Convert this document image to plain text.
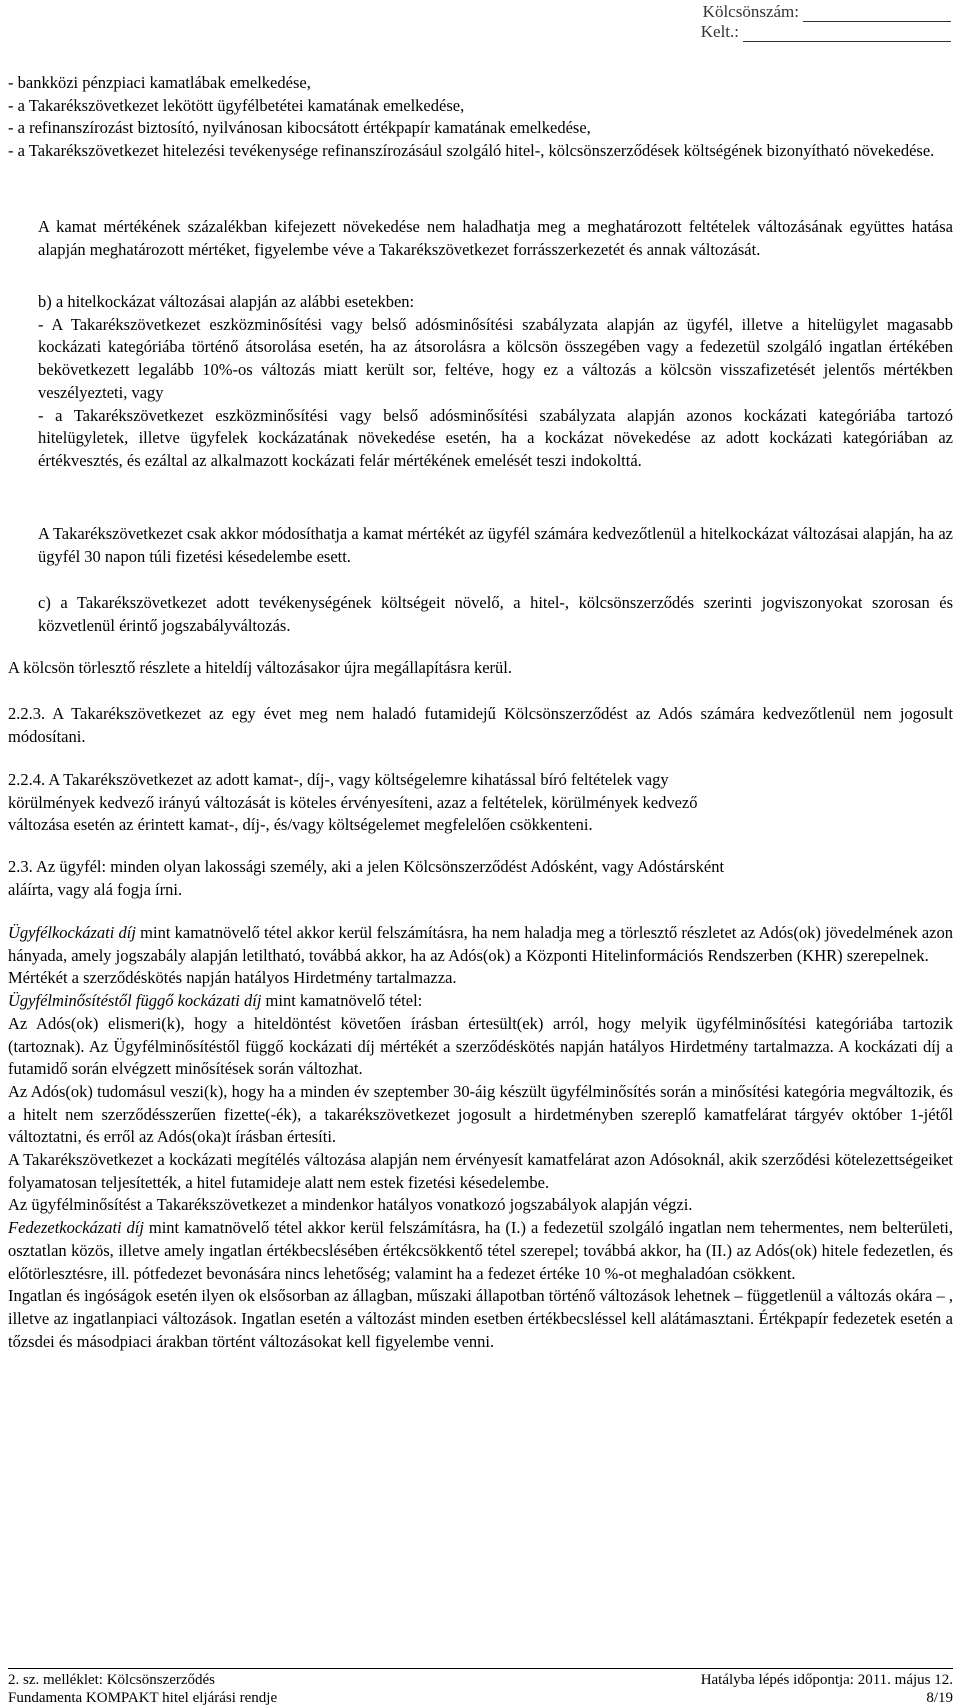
Kölcsönszám:
Kelt.:
- bankközi pénzpiaci kamatlábak emelkedése,
- a Takarékszövetkezet lekötött ügyfélbetétei kamatának emelkedése,
- a refinanszírozást biztosító, nyilvánosan kibocsátott értékpapír kamatának emelkedése,
- a Takarékszövetkezet hitelezési tevékenysége refinanszírozásául szolgáló hitel-, kölcsönszerződések költségének bizonyítható növekedése.

A kamat mértékének százalékban kifejezett növekedése nem haladhatja meg a meghatározott feltételek változásának együttes hatása alapján meghatározott mértéket, figyelembe véve a Takarékszövetkezet forrásszerkezetét és annak változását.

b) a hitelkockázat változásai alapján az alábbi esetekben:
- A Takarékszövetkezet eszközminősítési vagy belső adósminősítési szabályzata alapján az ügyfél, illetve a hitelügylet magasabb kockázati kategóriába történő átsorolása esetén, ha az átsorolásra a kölcsön összegében vagy a fedezetül szolgáló ingatlan értékében bekövetkezett legalább 10%-os változás miatt került sor, feltéve, hogy ez a változás a kölcsön visszafizetését jelentős mértékben veszélyezteti, vagy
- a Takarékszövetkezet eszközminősítési vagy belső adósminősítési szabályzata alapján azonos kockázati kategóriába tartozó hitelügyletek, illetve ügyfelek kockázatának növekedése esetén, ha a kockázat növekedése az adott kockázati kategóriában az értékvesztés, és ezáltal az alkalmazott kockázati felár mértékének emelését teszi indokolttá.

A Takarékszövetkezet csak akkor módosíthatja a kamat mértékét az ügyfél számára kedvezőtlenül a hitelkockázat változásai alapján, ha az ügyfél 30 napon túli fizetési késedelembe esett.

c) a Takarékszövetkezet adott tevékenységének költségeit növelő, a hitel-, kölcsönszerződés szerinti jogviszonyokat szorosan és közvetlenül érintő jogszabályváltozás.

A kölcsön törlesztő részlete a hiteldíj változásakor újra megállapításra kerül.

2.2.3. A Takarékszövetkezet az egy évet meg nem haladó futamidejű Kölcsönszerződést az Adós számára kedvezőtlenül nem jogosult módosítani.

2.2.4. A Takarékszövetkezet az adott kamat-, díj-, vagy költségelemre kihatással bíró feltételek vagy
körülmények kedvező irányú változását is köteles érvényesíteni, azaz a feltételek, körülmények kedvező
változása esetén az érintett kamat-, díj-, és/vagy költségelemet megfelelően csökkenteni.
2.3. Az ügyfél: minden olyan lakossági személy, aki a jelen Kölcsönszerződést Adósként, vagy Adóstársként
aláírta, vagy alá fogja írni.

Ügyfélkockázati díj mint kamatnövelő tétel akkor kerül felszámításra, ha nem haladja meg a törlesztő részletet az Adós(ok) jövedelmének azon hányada, amely jogszabály alapján letiltható, továbbá akkor, ha az Adós(ok) a Központi Hitelinformációs Rendszerben (KHR) szerepelnek.

Mértékét a szerződéskötés napján hatályos Hirdetmény tartalmazza.

Ügyfélminősítéstől függő kockázati díj mint kamatnövelő tétel:

Az Adós(ok) elismeri(k), hogy a hiteldöntést követően írásban értesült(ek) arról, hogy melyik ügyfélminősítési kategóriába tartozik (tartoznak). Az Ügyfélminősítéstől függő kockázati díj mértékét a szerződéskötés napján hatályos Hirdetmény tartalmazza. A kockázati díj a futamidő során elvégzett minősítések során változhat.

Az Adós(ok) tudomásul veszi(k), hogy ha a minden év szeptember 30-áig készült ügyfélminősítés során a minősítési kategória megváltozik, és a hitelt nem szerződésszerűen fizette(-ék), a takarékszövetkezet jogosult a hirdetményben szereplő kamatfelárat tárgyév október 1-jétől változtatni, és erről az Adós(oka)t írásban értesíti.

A Takarékszövetkezet a kockázati megítélés változása alapján nem érvényesít kamatfelárat azon Adósoknál, akik szerződési kötelezettségeiket folyamatosan teljesítették, a hitel futamideje alatt nem estek fizetési késedelembe.

Az ügyfélminősítést a Takarékszövetkezet a mindenkor hatályos vonatkozó jogszabályok alapján végzi.

Fedezetkockázati díj mint kamatnövelő tétel akkor kerül felszámításra, ha (I.) a fedezetül szolgáló ingatlan nem tehermentes, nem belterületi, osztatlan közös, illetve amely ingatlan értékbecslésében értékcsökkentő tétel szerepel; továbbá akkor, ha (II.) az Adós(ok) hitele fedezetlen, és előtörlesztésre, ill. pótfedezet bevonására nincs lehetőség; valamint ha a fedezet értéke 10 %-ot meghaladóan csökkent.

Ingatlan és ingóságok esetén ilyen ok elsősorban az állagban, műszaki állapotban történő változások lehetnek – függetlenül a változás okára – , illetve az ingatlanpiaci változások. Ingatlan esetén a változást minden esetben értékbecsléssel kell alátámasztani. Értékpapír fedezetek esetén a tőzsdei és másodpiaci árakban történt változásokat kell figyelembe venni.

2. sz. melléklet: Kölcsönszerződés	Hatályba lépés időpontja: 2011. május 12.
Fundamenta KOMPAKT hitel eljárási rendje	8/19
